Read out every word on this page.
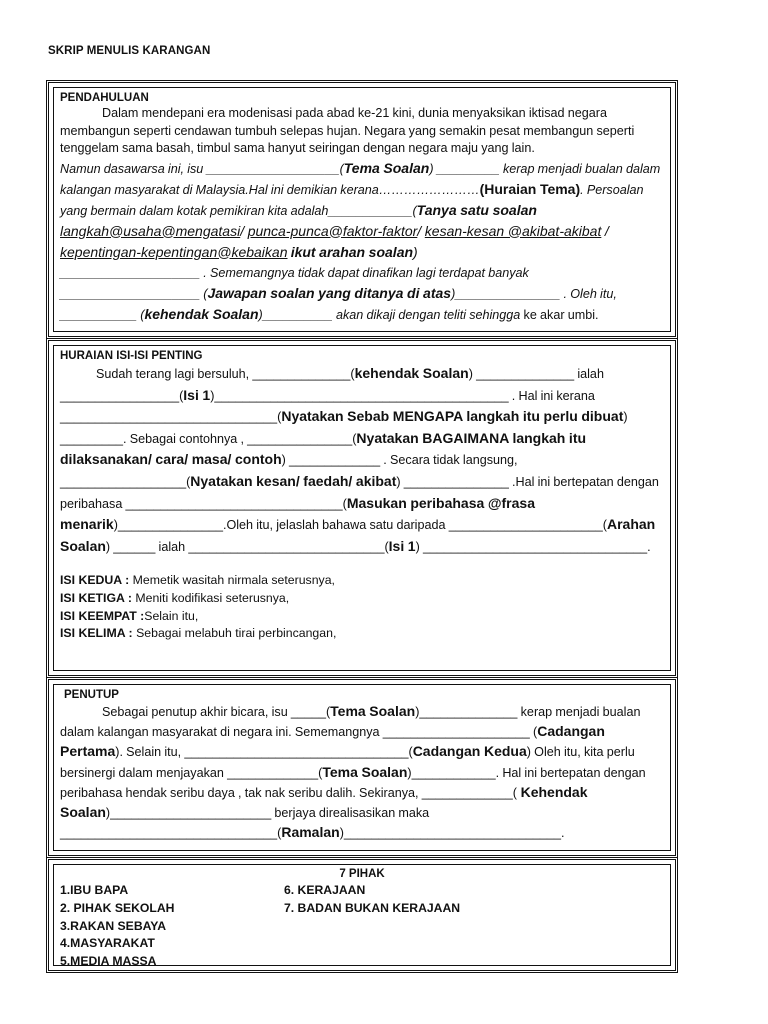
SKRIP MENULIS KARANGAN
PENDAHULUAN

Dalam mendepani era modenisasi pada abad ke-21 kini, dunia menyaksikan iktisad negara membangun seperti cendawan tumbuh selepas hujan. Negara yang semakin pesat membangun seperti tenggelam sama basah, timbul sama hanyut seiringan dengan negara maju yang lain.

Namun dasawarsa ini, isu ___________________(Tema Soalan) _________ kerap menjadi bualan dalam kalangan masyarakat di Malaysia.Hal ini demikian kerana……………………(Huraian Tema). Persoalan yang bermain dalam kotak pemikiran kita adalah____________(Tanya satu soalan langkah@usaha@mengatasi/ punca-punca@faktor-faktor/ kesan-kesan @akibat-akibat / kepentingan-kepentingan@kebaikan ikut arahan soalan)

____________________ . Sememangnya tidak dapat dinafikan lagi terdapat banyak ____________________ (Jawapan soalan yang ditanya di atas)_______________ . Oleh itu, ___________ (kehendak Soalan)__________ akan dikaji dengan teliti sehingga ke akar umbi.

HURAIAN ISI-ISI PENTING

Sudah terang lagi bersuluh, ______________(kehendak Soalan) ______________ ialah _________________(Isi 1)__________________________________________ . Hal ini kerana _______________________________(Nyatakan Sebab MENGAPA langkah itu perlu dibuat) _________. Sebagai contohnya , _______________(Nyatakan BAGAIMANA langkah itu dilaksanakan/ cara/ masa/ contoh) _____________ . Secara tidak langsung, __________________(Nyatakan kesan/ faedah/ akibat) _______________ .Hal ini bertepatan dengan peribahasa _______________________________(Masukan peribahasa @frasa menarik)_______________.Oleh itu, jelaslah bahawa satu daripada ______________________(Arahan Soalan) ______ ialah ____________________________(Isi 1) ________________________________.

ISI KEDUA : Memetik wasitah nirmala seterusnya,

ISI KETIGA : Meniti kodifikasi seterusnya,

ISI KEEMPAT :Selain itu,

ISI KELIMA : Sebagai melabuh tirai perbincangan,

PENUTUP

Sebagai penutup akhir bicara, isu _____(Tema Soalan)______________ kerap menjadi bualan dalam kalangan masyarakat di negara ini. Sememangnya _____________________ (Cadangan Pertama). Selain itu, ________________________________(Cadangan Kedua) Oleh itu, kita perlu bersinergi dalam menjayakan _____________(Tema Soalan)____________. Hal ini bertepatan dengan peribahasa hendak seribu daya , tak nak seribu dalih. Sekiranya, _____________( Kehendak Soalan)_______________________ berjaya direalisasikan maka _______________________________(Ramalan)_______________________________.

7 PIHAK
1.IBU BAPA
2. PIHAK SEKOLAH
3.RAKAN SEBAYA
4.MASYARAKAT
5.MEDIA MASSA
6. KERAJAAN
7. BADAN BUKAN KERAJAAN
